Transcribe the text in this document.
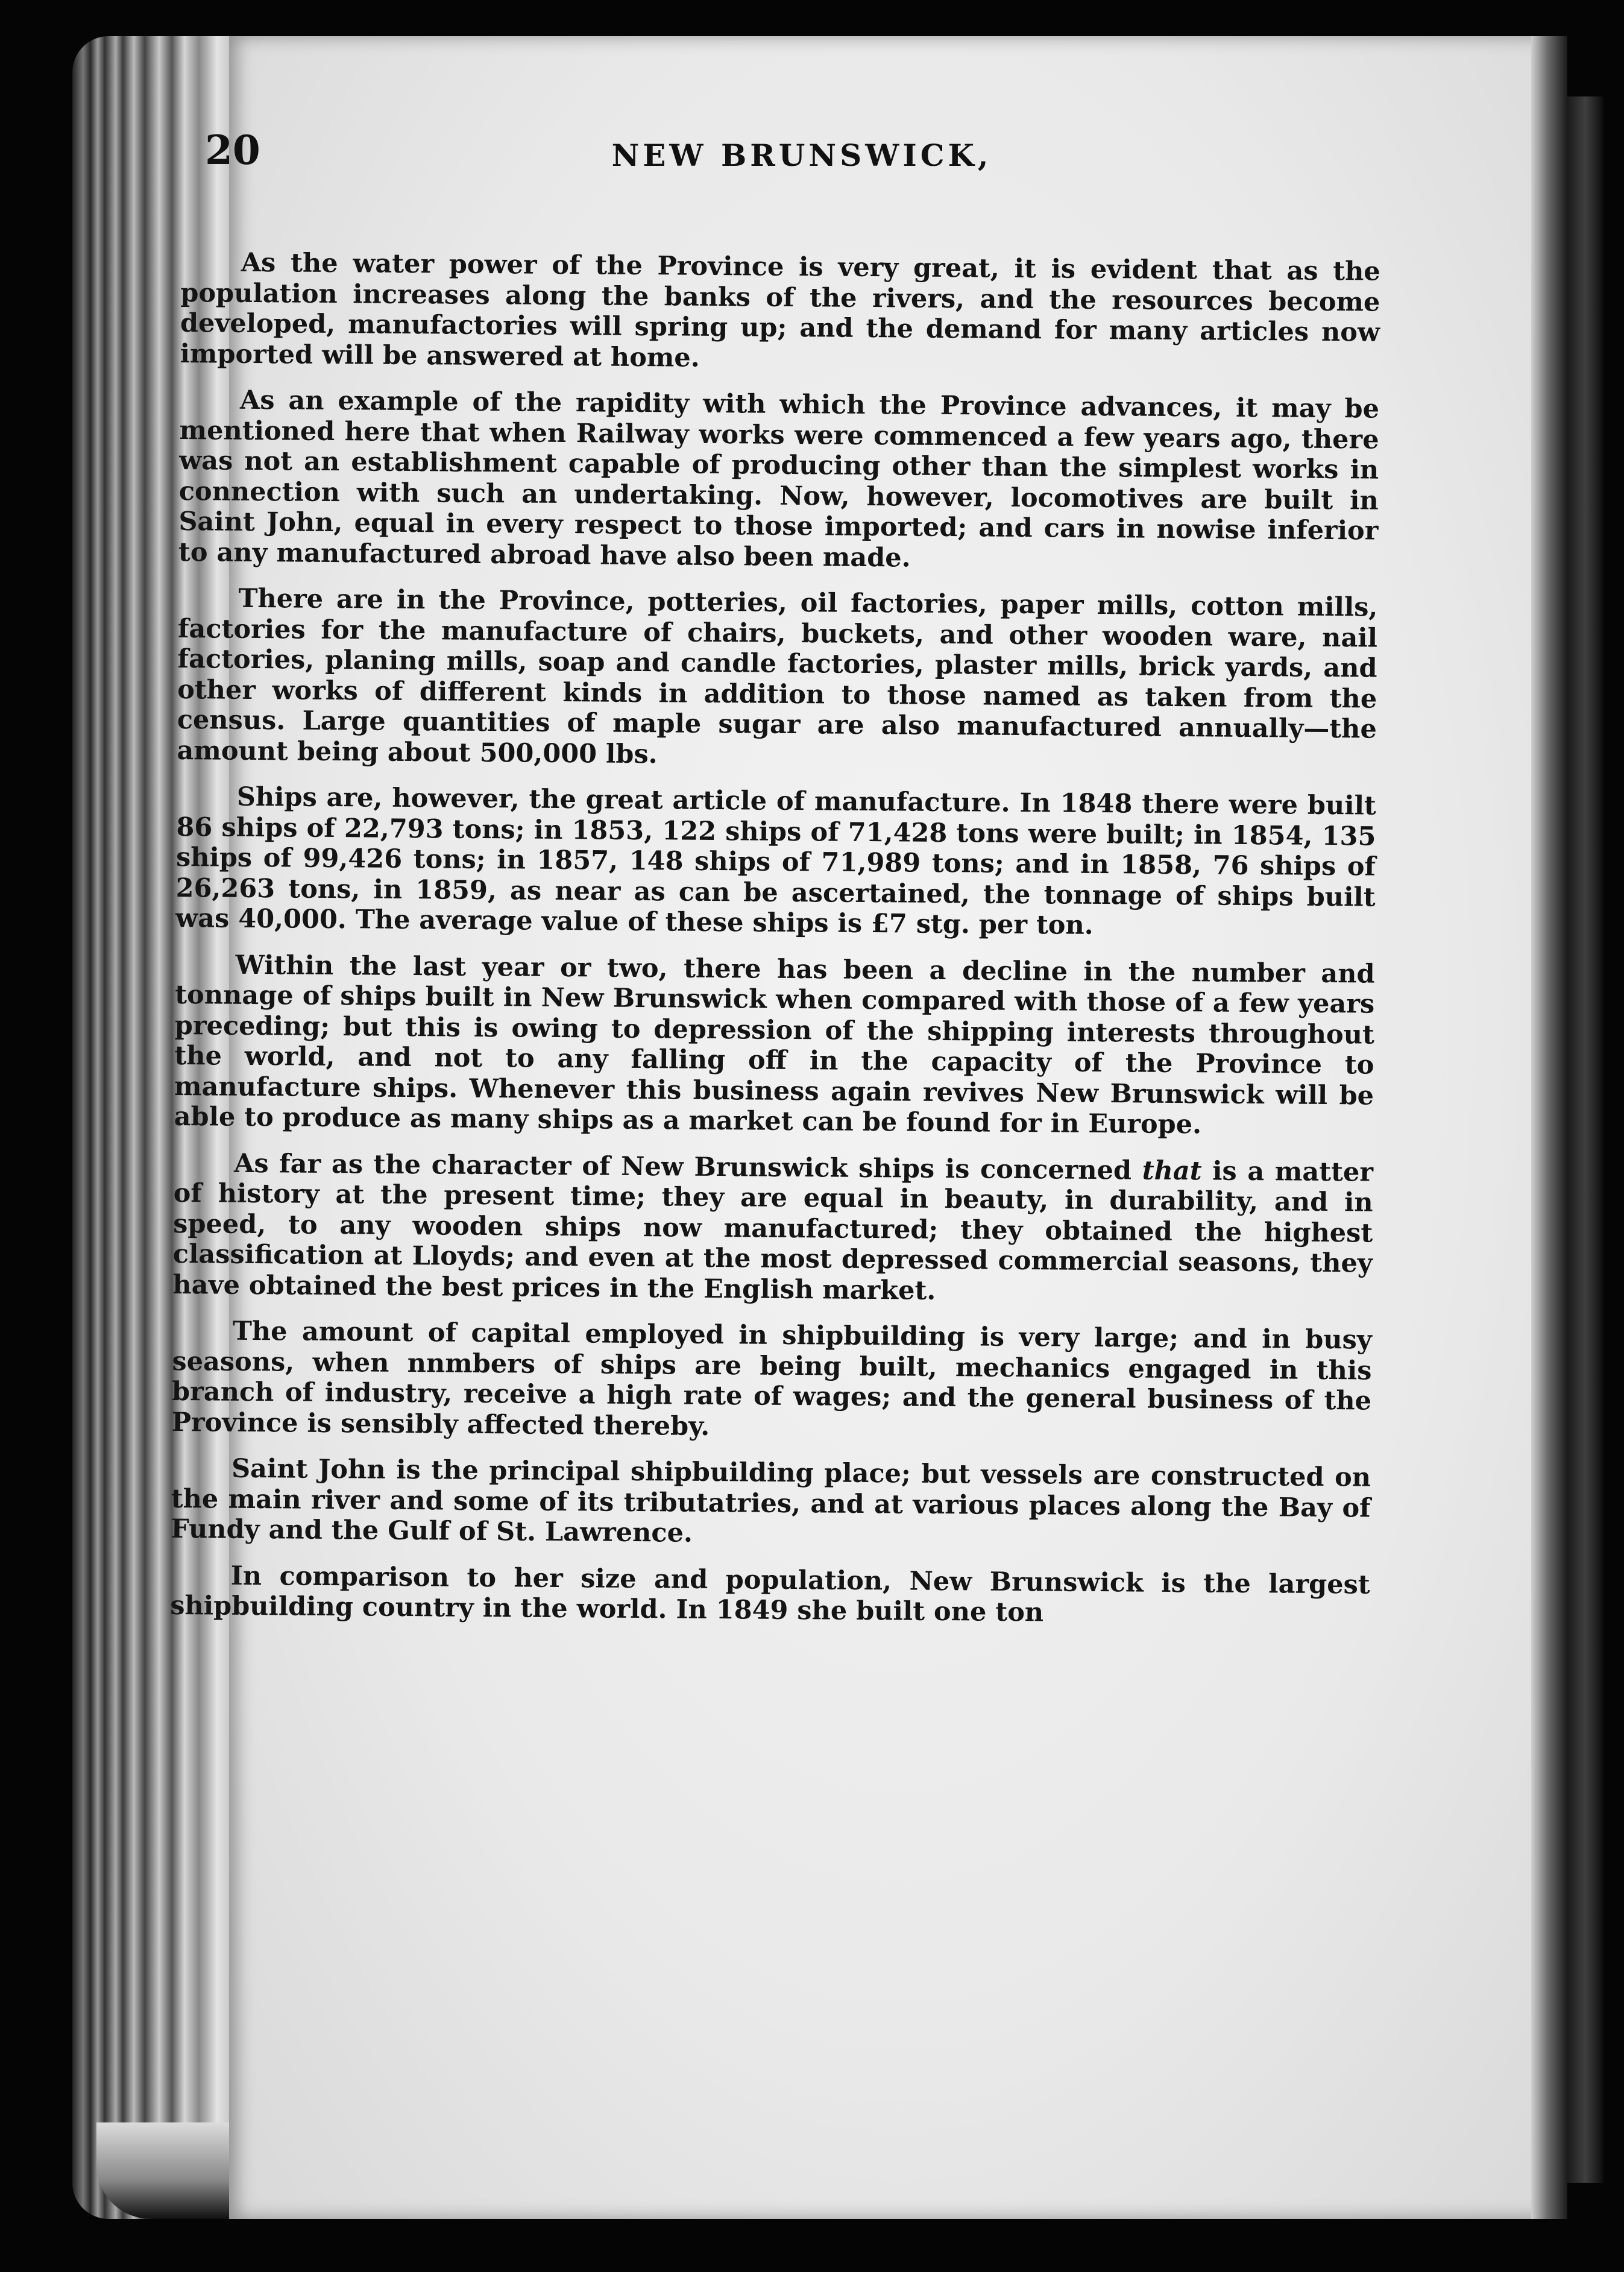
20	NEW BRUNSWICK,

As the water power of the Province is very great, it is evident that as the population increases along the banks of the rivers, and the resources become developed, manufactories will spring up; and the demand for many articles now imported will be answered at home.

As an example of the rapidity with which the Province advances, it may be mentioned here that when Railway works were commenced a few years ago, there was not an establishment capable of producing other than the simplest works in connection with such an undertaking. Now, however, locomotives are built in Saint John, equal in every respect to those imported; and cars in nowise inferior to any manufactured abroad have also been made.

There are in the Province, potteries, oil factories, paper mills, cotton mills, factories for the manufacture of chairs, buckets, and other wooden ware, nail factories, planing mills, soap and candle factories, plaster mills, brick yards, and other works of different kinds in addition to those named as taken from the census. Large quantities of maple sugar are also manufactured annually—the amount being about 500,000 lbs.

Ships are, however, the great article of manufacture. In 1848 there were built 86 ships of 22,793 tons; in 1853, 122 ships of 71,428 tons were built; in 1854, 135 ships of 99,426 tons; in 1857, 148 ships of 71,989 tons; and in 1858, 76 ships of 26,263 tons, in 1859, as near as can be ascertained, the tonnage of ships built was 40,000. The average value of these ships is £7 stg. per ton.

Within the last year or two, there has been a decline in the number and tonnage of ships built in New Brunswick when compared with those of a few years preceding; but this is owing to depression of the shipping interests throughout the world, and not to any falling off in the capacity of the Province to manufacture ships. Whenever this business again revives New Brunswick will be able to produce as many ships as a market can be found for in Europe.

As far as the character of New Brunswick ships is concerned that is a matter of history at the present time; they are equal in beauty, in durability, and in speed, to any wooden ships now manufactured; they obtained the highest classification at Lloyds; and even at the most depressed commercial seasons, they have obtained the best prices in the English market.

The amount of capital employed in shipbuilding is very large; and in busy seasons, when nnmbers of ships are being built, mechanics engaged in this branch of industry, receive a high rate of wages; and the general business of the Province is sensibly affected thereby.

Saint John is the principal shipbuilding place; but vessels are constructed on the main river and some of its tributatries, and at various places along the Bay of Fundy and the Gulf of St. Lawrence.

In comparison to her size and population, New Brunswick is the largest shipbuilding country in the world. In 1849 she built one ton
